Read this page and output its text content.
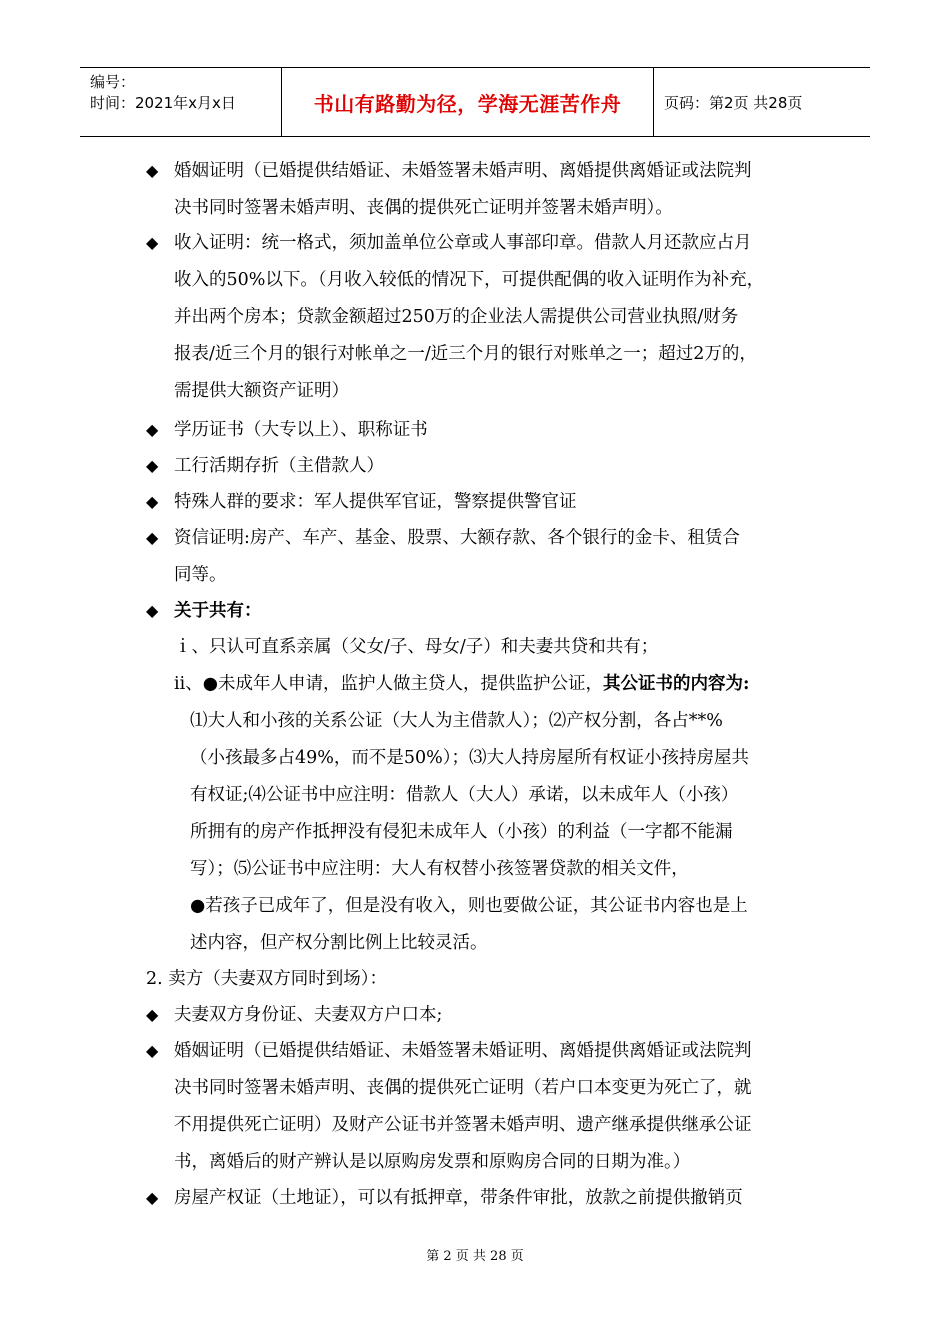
编号：
时间：2021年x月x日	书山有路勤为径，学海无涯苦作舟	页码：第2页 共28页
◆ 婚姻证明（已婚提供结婚证、未婚签署未婚声明、离婚提供离婚证或法院判
决书同时签署未婚声明、丧偶的提供死亡证明并签署未婚声明）。
◆ 收入证明：统一格式，须加盖单位公章或人事部印章。借款人月还款应占月
收入的50%以下。（月收入较低的情况下，可提供配偶的收入证明作为补充，
并出两个房本；贷款金额超过250万的企业法人需提供公司营业执照/财务
报表/近三个月的银行对帐单之一/近三个月的银行对账单之一；超过2万的，
需提供大额资产证明）
◆ 学历证书（大专以上）、职称证书
◆ 工行活期存折（主借款人）
◆ 特殊人群的要求：军人提供军官证，警察提供警官证
◆ 资信证明:房产、车产、基金、股票、大额存款、各个银行的金卡、租赁合
同等。
◆ 关于共有：
ｉ、只认可直系亲属（父女/子、母女/子）和夫妻共贷和共有；
ⅱ、●未成年人申请，监护人做主贷人，提供监护公证，其公证书的内容为:
⑴大人和小孩的关系公证（大人为主借款人）；⑵产权分割，各占**%
（小孩最多占49%，而不是50%）；⑶大人持房屋所有权证小孩持房屋共
有权证;⑷公证书中应注明：借款人（大人）承诺，以未成年人（小孩）
所拥有的房产作抵押没有侵犯未成年人（小孩）的利益（一字都不能漏
写）；⑸公证书中应注明：大人有权替小孩签署贷款的相关文件，
●若孩子已成年了，但是没有收入，则也要做公证，其公证书内容也是上
述内容，但产权分割比例上比较灵活。
2. 卖方（夫妻双方同时到场）：
◆ 夫妻双方身份证、夫妻双方户口本;
◆ 婚姻证明（已婚提供结婚证、未婚签署未婚证明、离婚提供离婚证或法院判
决书同时签署未婚声明、丧偶的提供死亡证明（若户口本变更为死亡了，就
不用提供死亡证明）及财产公证书并签署未婚声明、遗产继承提供继承公证
书，离婚后的财产辨认是以原购房发票和原购房合同的日期为准。）
◆ 房屋产权证（土地证），可以有抵押章，带条件审批，放款之前提供撤销页
第 2 页 共 28 页
